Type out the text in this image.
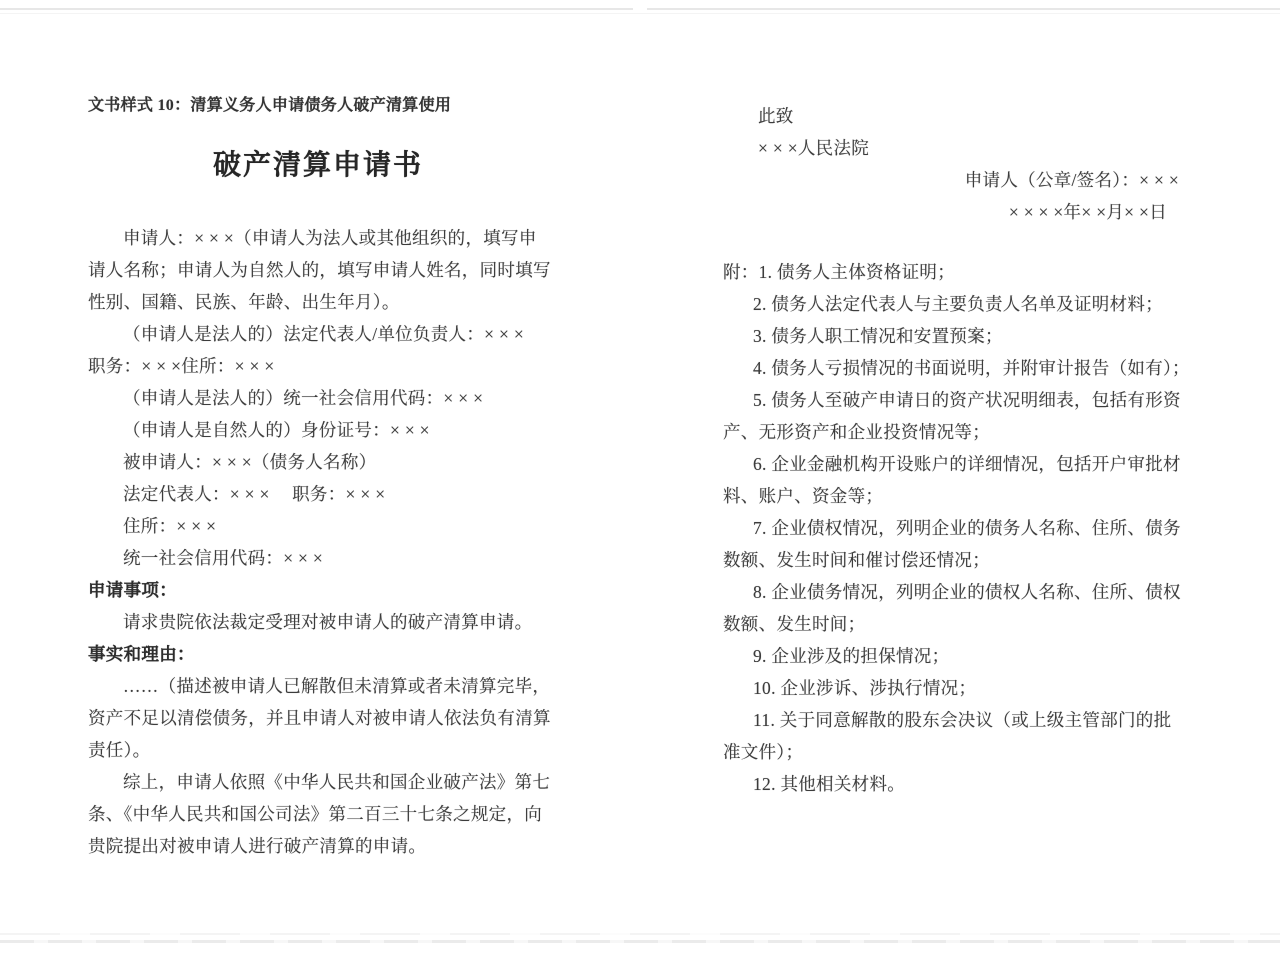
文书样式 10：清算义务人申请债务人破产清算使用
破产清算申请书
申请人：× × ×（申请人为法人或其他组织的，填写申
请人名称；申请人为自然人的，填写申请人姓名，同时填写
性别、国籍、民族、年龄、出生年月）。
（申请人是法人的）法定代表人/单位负责人：× × ×
职务：× × ×住所：× × ×
（申请人是法人的）统一社会信用代码：× × ×
（申请人是自然人的）身份证号：× × ×
被申请人：× × ×（债务人名称）
法定代表人：× × ×　 职务：× × ×
住所：× × ×
统一社会信用代码：× × ×
申请事项：
请求贵院依法裁定受理对被申请人的破产清算申请。
事实和理由：
……（描述被申请人已解散但未清算或者未清算完毕，
资产不足以清偿债务，并且申请人对被申请人依法负有清算
责任）。
综上，申请人依照《中华人民共和国企业破产法》第七
条、《中华人民共和国公司法》第二百三十七条之规定，向
贵院提出对被申请人进行破产清算的申请。
此致
× × ×人民法院
申请人（公章/签名）：× × ×
× × × ×年× ×月× ×日
附：1. 债务人主体资格证明；
2. 债务人法定代表人与主要负责人名单及证明材料；
3. 债务人职工情况和安置预案；
4. 债务人亏损情况的书面说明，并附审计报告（如有）；
5. 债务人至破产申请日的资产状况明细表，包括有形资
产、无形资产和企业投资情况等；
6. 企业金融机构开设账户的详细情况，包括开户审批材
料、账户、资金等；
7. 企业债权情况，列明企业的债务人名称、住所、债务
数额、发生时间和催讨偿还情况；
8. 企业债务情况，列明企业的债权人名称、住所、债权
数额、发生时间；
9. 企业涉及的担保情况；
10. 企业涉诉、涉执行情况；
11. 关于同意解散的股东会决议（或上级主管部门的批
准文件）；
12. 其他相关材料。
